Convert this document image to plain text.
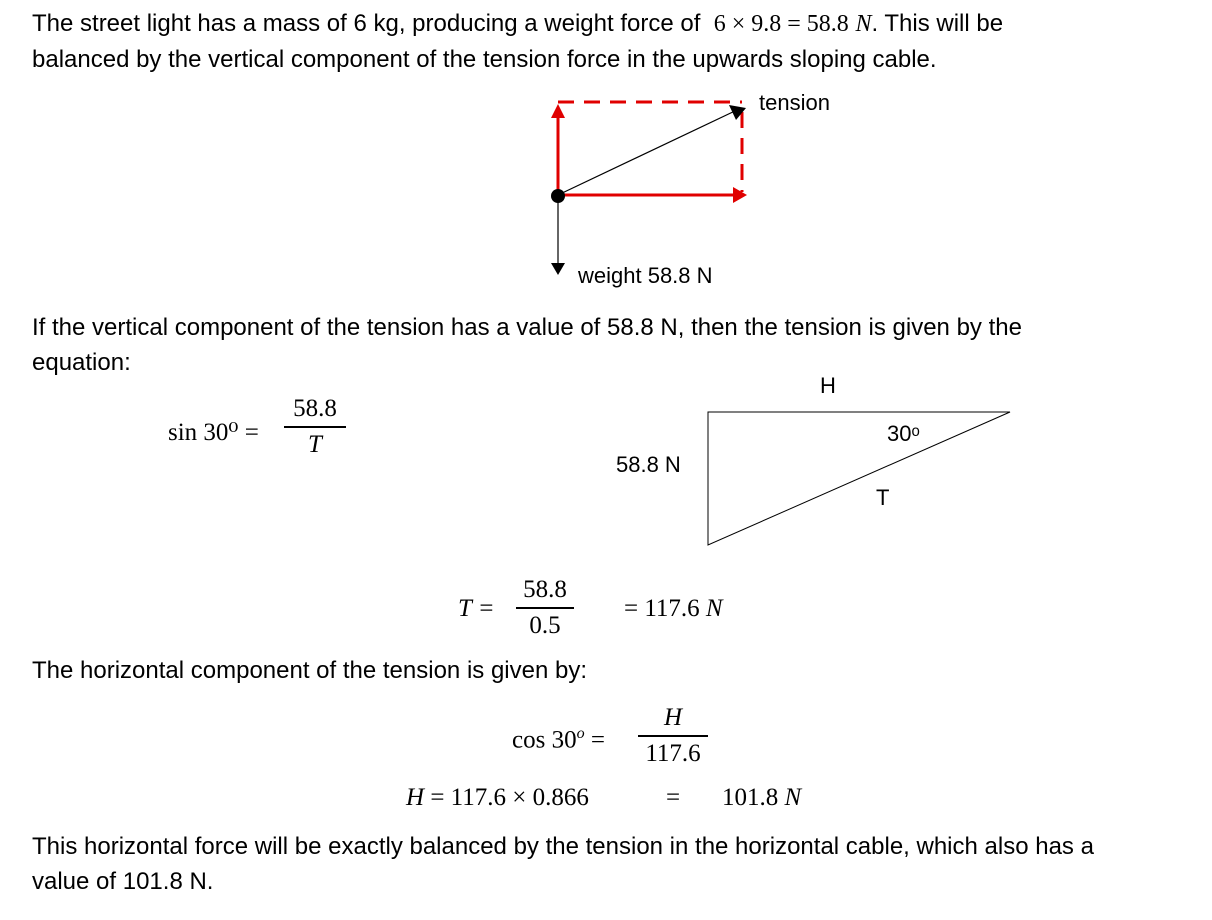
The street light has a mass of 6 kg, producing a weight force of 6 × 9.8 = 58.8 N. This will be
balanced by the vertical component of the tension force in the upwards sloping cable.
tension
weight 58.8 N
If the vertical component of the tension has a value of 58.8 N, then the tension is given by the
equation:
sin 30⁰ =
58.8
T
H
30ᵒ
58.8 N
T
T =
58.8
0.5
= 117.6 N
The horizontal component of the tension is given by:
$\cos 30^o$ =
H
117.6
H = 117.6 × 0.866	= 101.8 N
This horizontal force will be exactly balanced by the tension in the horizontal cable, which also has a
value of 101.8 N.
